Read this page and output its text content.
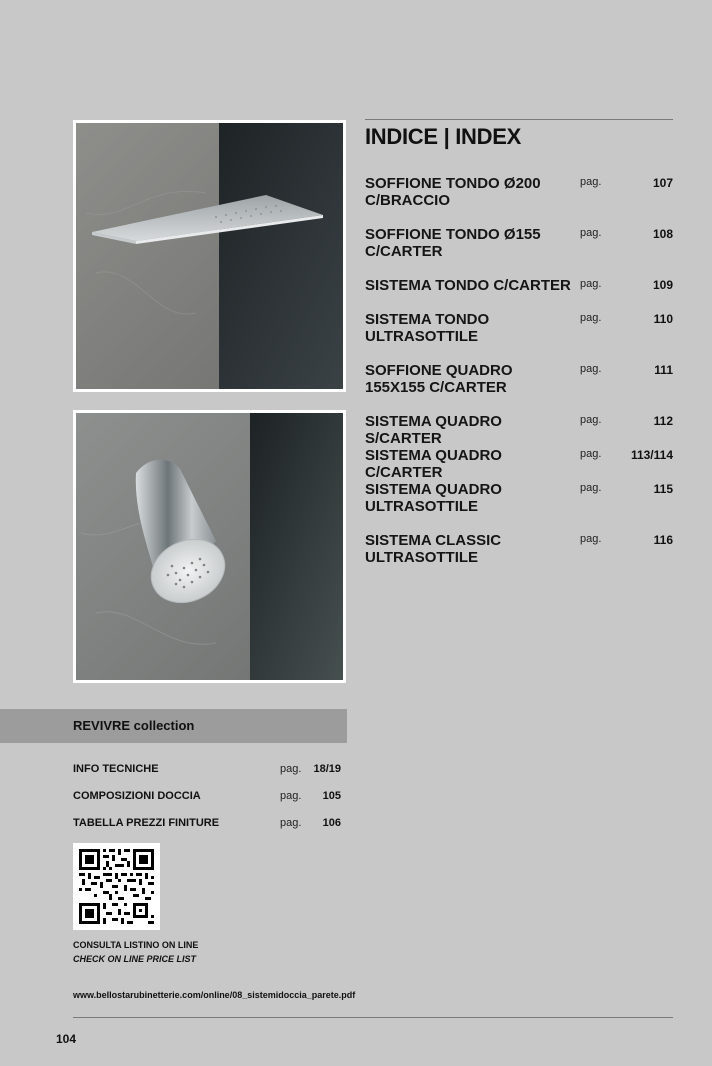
INDICE | INDEX
SOFFIONE TONDO Ø200 C/BRACCIO
pag.	107
SOFFIONE TONDO Ø155 C/CARTER
pag.	108
SISTEMA TONDO C/CARTER pag.	109
SISTEMA TONDO ULTRASOTTILE
pag.	110
SOFFIONE QUADRO 155X155 C/CARTER
pag.	111
SISTEMA QUADRO S/CARTER
pag.	112
SISTEMA QUADRO C/CARTER
pag. 113/114
SISTEMA QUADRO ULTRASOTTILE
pag.	115
SISTEMA CLASSIC ULTRASOTTILE
pag.	116
REVIVRE collection
INFO TECNICHE	pag. 18/19
COMPOSIZIONI DOCCIA	pag. 105
TABELLA PREZZI FINITURE	pag. 106
CONSULTA LISTINO ON LINE
CHECK ON LINE PRICE LIST
www.bellostarubinetterie.com/online/08_sistemidoccia_parete.pdf
104
